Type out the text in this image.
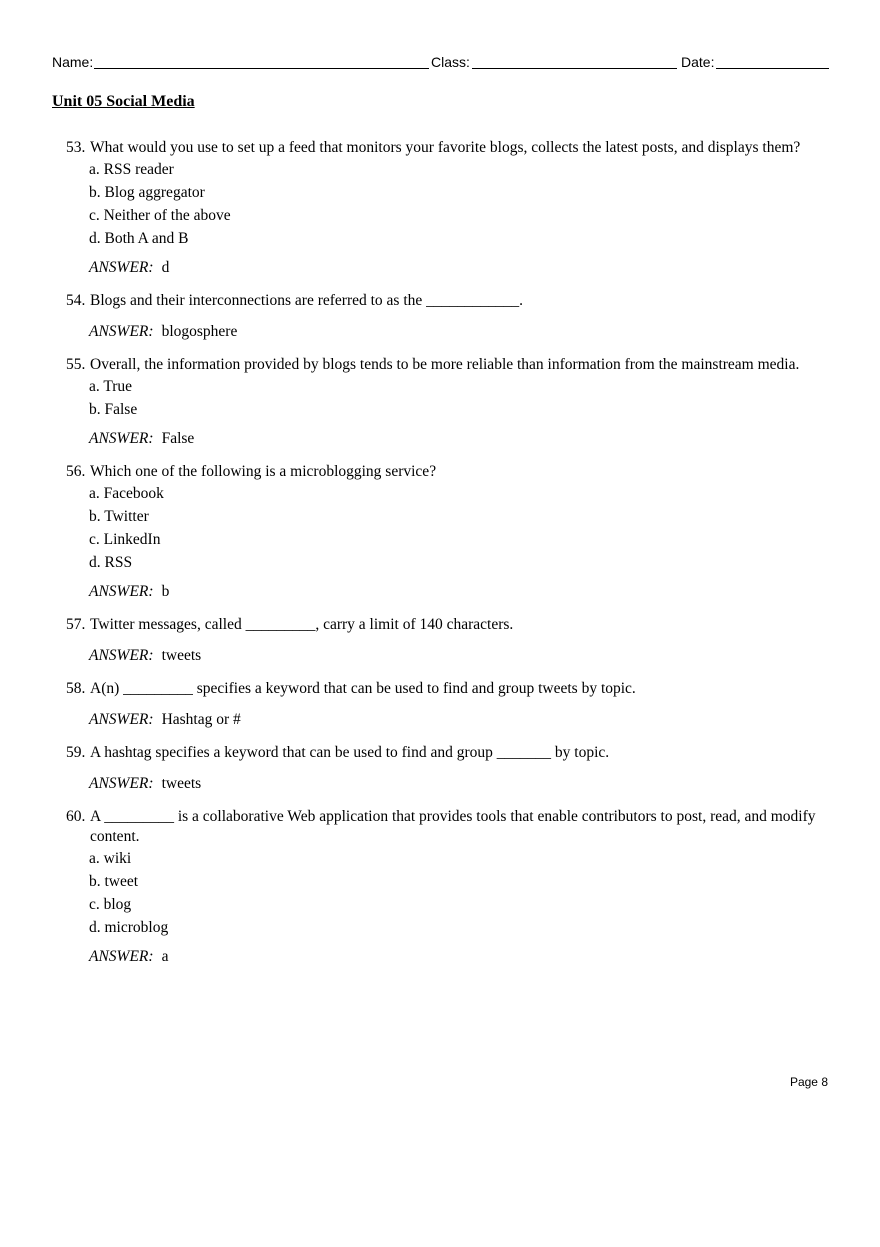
Name:	Class:	Date:
Unit 05 Social Media
53. What would you use to set up a feed that monitors your favorite blogs, collects the latest posts, and displays them?
a. RSS reader
b. Blog aggregator
c. Neither of the above
d. Both A and B
ANSWER: d
54. Blogs and their interconnections are referred to as the ____________.
ANSWER: blogosphere
55. Overall, the information provided by blogs tends to be more reliable than information from the mainstream media.
a. True
b. False
ANSWER: False
56. Which one of the following is a microblogging service?
a. Facebook
b. Twitter
c. LinkedIn
d. RSS
ANSWER: b
57. Twitter messages, called _________, carry a limit of 140 characters.
ANSWER: tweets
58. A(n) _________ specifies a keyword that can be used to find and group tweets by topic.
ANSWER: Hashtag or #
59. A hashtag specifies a keyword that can be used to find and group _______ by topic.
ANSWER: tweets
60. A _________ is a collaborative Web application that provides tools that enable contributors to post, read, and modify content.
a. wiki
b. tweet
c. blog
d. microblog
ANSWER: a
Page 8
